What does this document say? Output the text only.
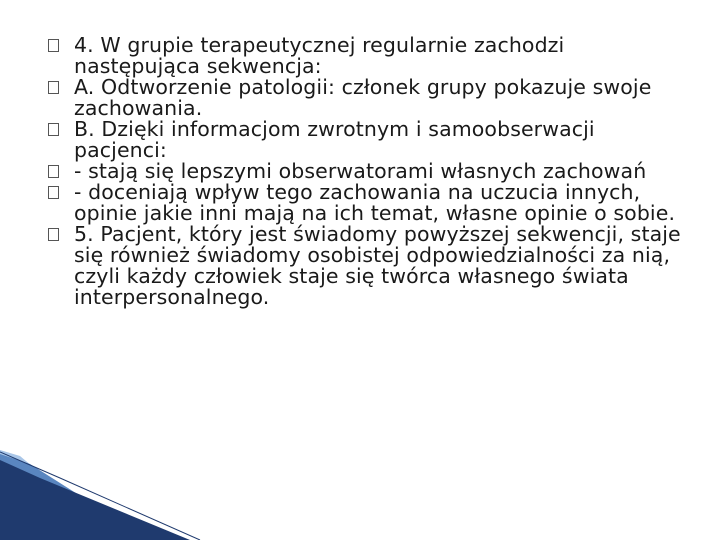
4. W grupie terapeutycznej regularnie zachodzi następująca sekwencja:
A. Odtworzenie patologii: członek grupy pokazuje swoje zachowania.
B. Dzięki informacjom zwrotnym i samoobserwacji pacjenci:
- stają się lepszymi obserwatorami własnych zachowań
- doceniają wpływ tego zachowania na uczucia innych, opinie jakie inni mają na ich temat, własne opinie o sobie.
5. Pacjent, który jest świadomy powyższej sekwencji, staje się również świadomy osobistej odpowiedzialności za nią, czyli każdy człowiek staje się twórca własnego świata interpersonalnego.
